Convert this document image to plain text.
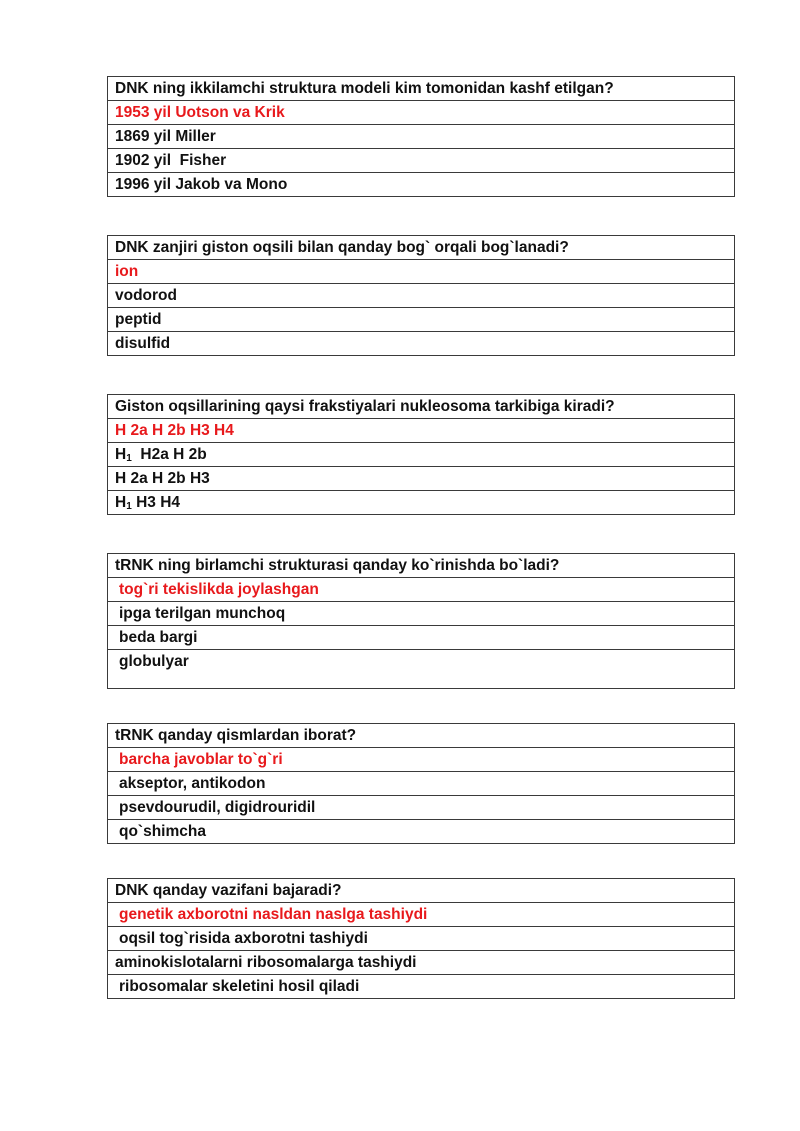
DNK ning ikkilamchi struktura modeli kim tomonidan kashf etilgan?
1953 yil Uotson va Krik
1869 yil Miller
1902 yil  Fisher
1996 yil Jakob va Mono
DNK zanjiri giston oqsili bilan qanday bog` orqali bog`lanadi?
ion
vodorod
peptid
disulfid
Giston oqsillarining qaysi frakstiyalari nukleosoma tarkibiga kiradi?
H 2a H 2b H3 H4
$H_1$  H2a H 2b
H 2a H 2b H3
$H_1$ H3 H4
tRNK ning birlamchi strukturasi qanday ko`rinishda bo`ladi?
tog`ri tekislikda joylashgan
ipga terilgan munchoq
beda bargi
globulyar
tRNK qanday qismlardan iborat?
barcha javoblar to`g`ri
akseptor, antikodon
psevdourudil, digidrouridil
qo`shimcha
DNK qanday vazifani bajaradi?
genetik axborotni nasldan naslga tashiydi
oqsil tog`risida axborotni tashiydi
aminokislotalarni ribosomalarga tashiydi
ribosomalar skeletini hosil qiladi
